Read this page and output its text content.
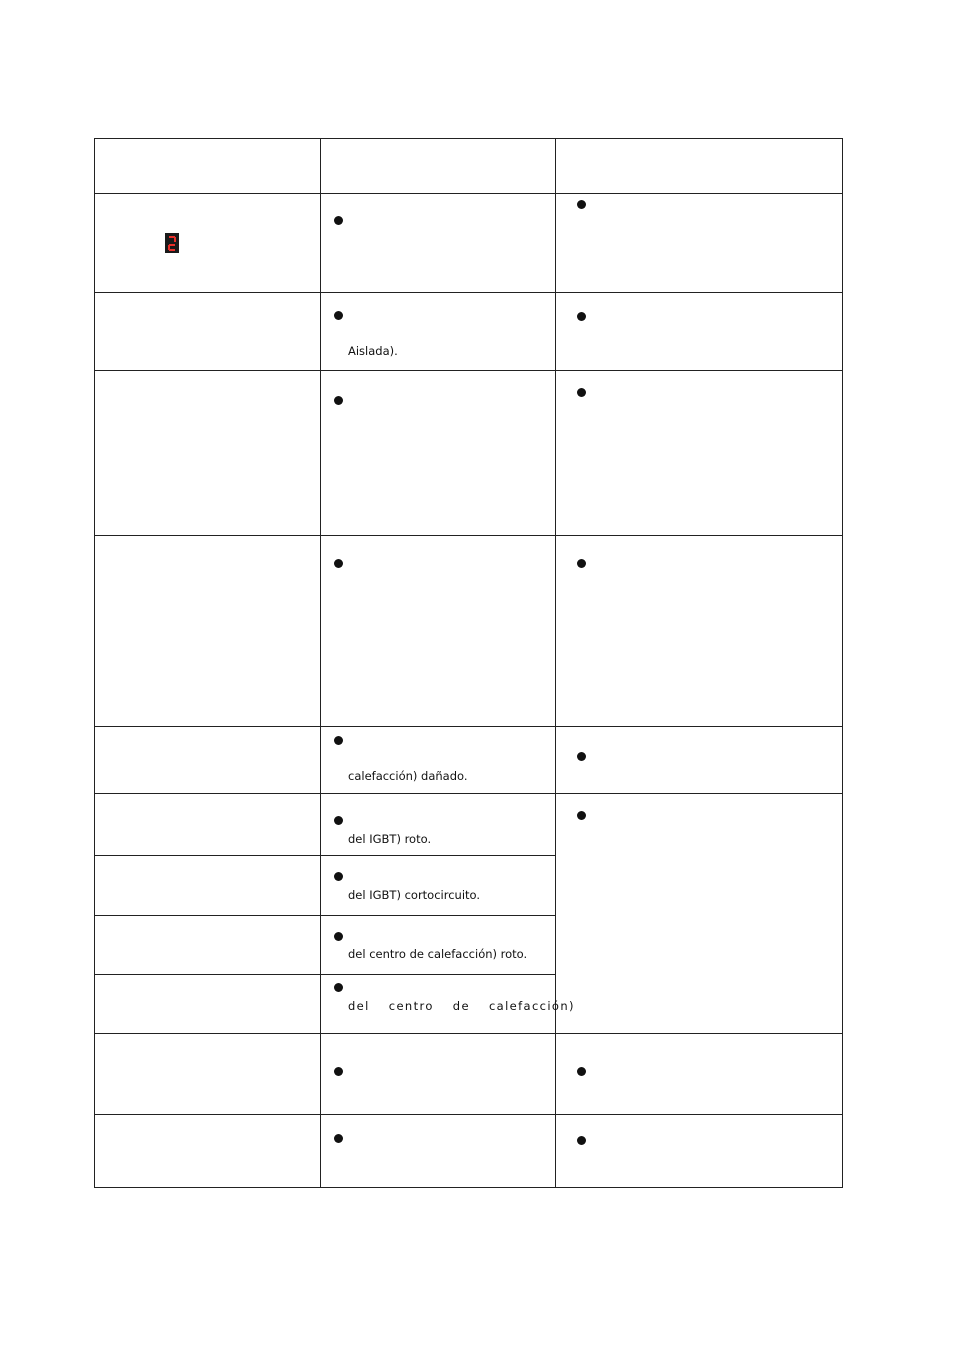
Aislada).
calefacción) dañado.
del IGBT) roto.
del IGBT) cortocircuito.
del centro de calefacción) roto.
del centro de calefacción)
